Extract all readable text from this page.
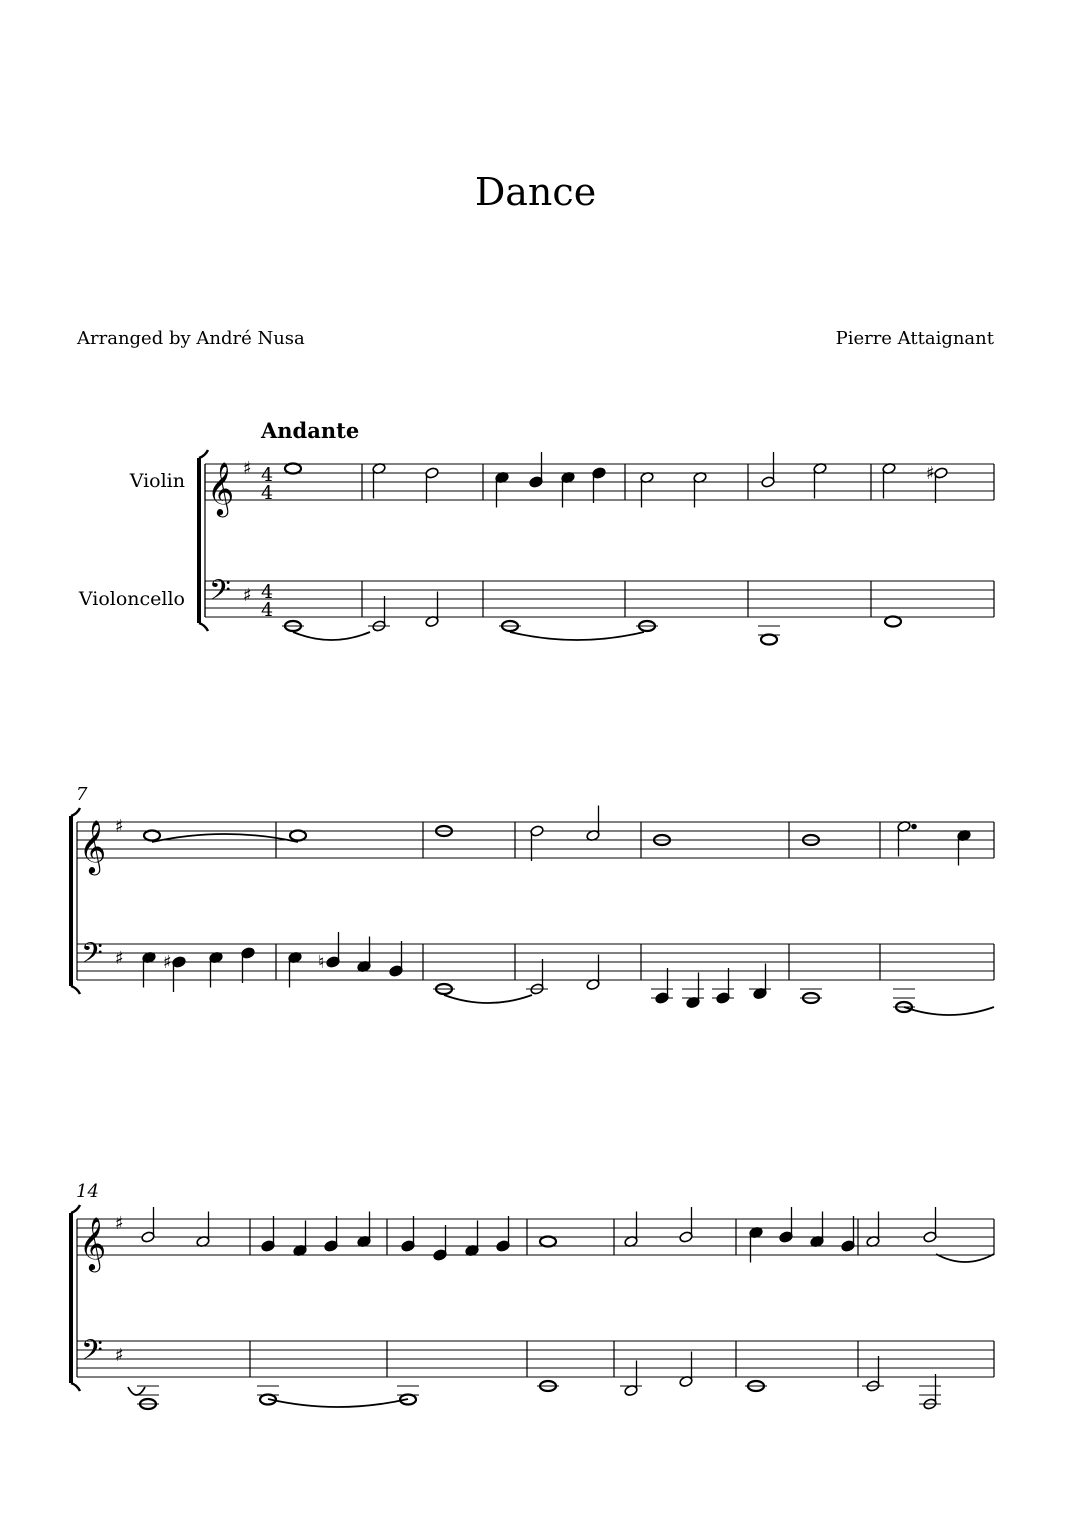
Dance
Arranged by André Nusa	Pierre Attaignant
Andante
Violin
Violoncello
7
14
𝄞 ♯ 4
4
𝄢 ♯ 4
4
♯
𝄞 ♯
𝄢 ♯ ♯	♮
𝄞 ♯
𝄢 ♯
